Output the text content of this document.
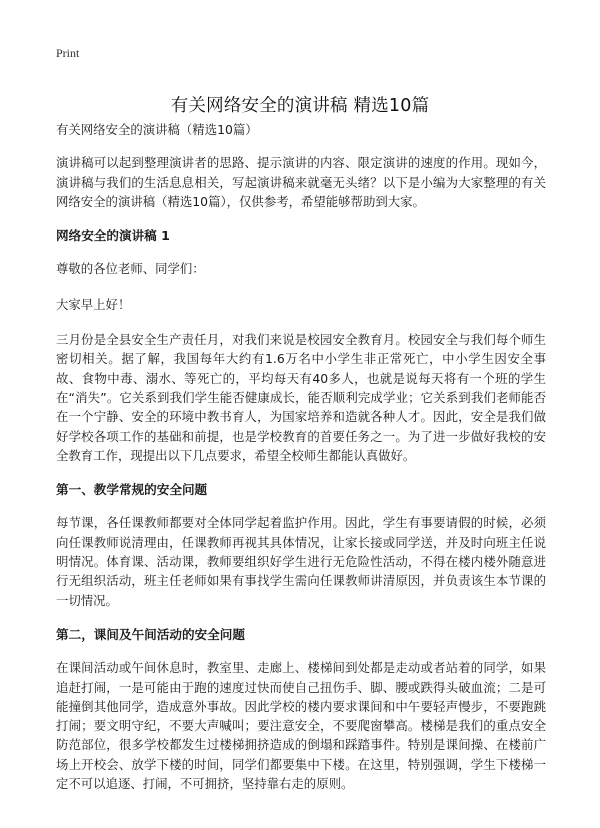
Print
有关网络安全的演讲稿 精选10篇

有关网络安全的演讲稿（精选10篇）

演讲稿可以起到整理演讲者的思路、提示演讲的内容、限定演讲的速度的作用。现如今，演讲稿与我们的生活息息相关，写起演讲稿来就毫无头绪？以下是小编为大家整理的有关网络安全的演讲稿（精选10篇），仅供参考，希望能够帮助到大家。

网络安全的演讲稿 1

尊敬的各位老师、同学们：

大家早上好！

三月份是全县安全生产责任月，对我们来说是校园安全教育月。校园安全与我们每个师生密切相关。据了解，我国每年大约有1.6万名中小学生非正常死亡，中小学生因安全事故、食物中毒、溺水、等死亡的，平均每天有40多人，也就是说每天将有一个班的学生在“消失”。它关系到我们学生能否健康成长，能否顺利完成学业；它关系到我们老师能否在一个宁静、安全的环境中教书育人，为国家培养和造就各种人才。因此，安全是我们做好学校各项工作的基础和前提，也是学校教育的首要任务之一。为了进一步做好我校的安全教育工作，现提出以下几点要求，希望全校师生都能认真做好。

第一、教学常规的安全问题

每节课，各任课教师都要对全体同学起着监护作用。因此，学生有事要请假的时候，必须向任课教师说清理由，任课教师再视其具体情况，让家长接或同学送，并及时向班主任说明情况。体育课、活动课，教师要组织好学生进行无危险性活动，不得在楼内楼外随意进行无组织活动，班主任老师如果有事找学生需向任课教师讲清原因，并负责该生本节课的一切情况。

第二，课间及午间活动的安全问题

在课间活动或午间休息时，教室里、走廊上、楼梯间到处都是走动或者站着的同学，如果追赶打闹，一是可能由于跑的速度过快而使自己扭伤手、脚、腰或跌得头破血流；二是可能撞倒其他同学，造成意外事故。因此学校的楼内要求课间和中午要轻声慢步，不要跑跳打闹；要文明守纪，不要大声喊叫；要注意安全，不要爬窗攀高。楼梯是我们的重点安全防范部位，很多学校都发生过楼梯拥挤造成的倒塌和踩踏事件。特别是课间操、在楼前广场上开校会、放学下楼的时间，同学们都要集中下楼。在这里，特别强调，学生下楼梯一定不可以追逐、打闹，不可拥挤，坚持靠右走的原则。
